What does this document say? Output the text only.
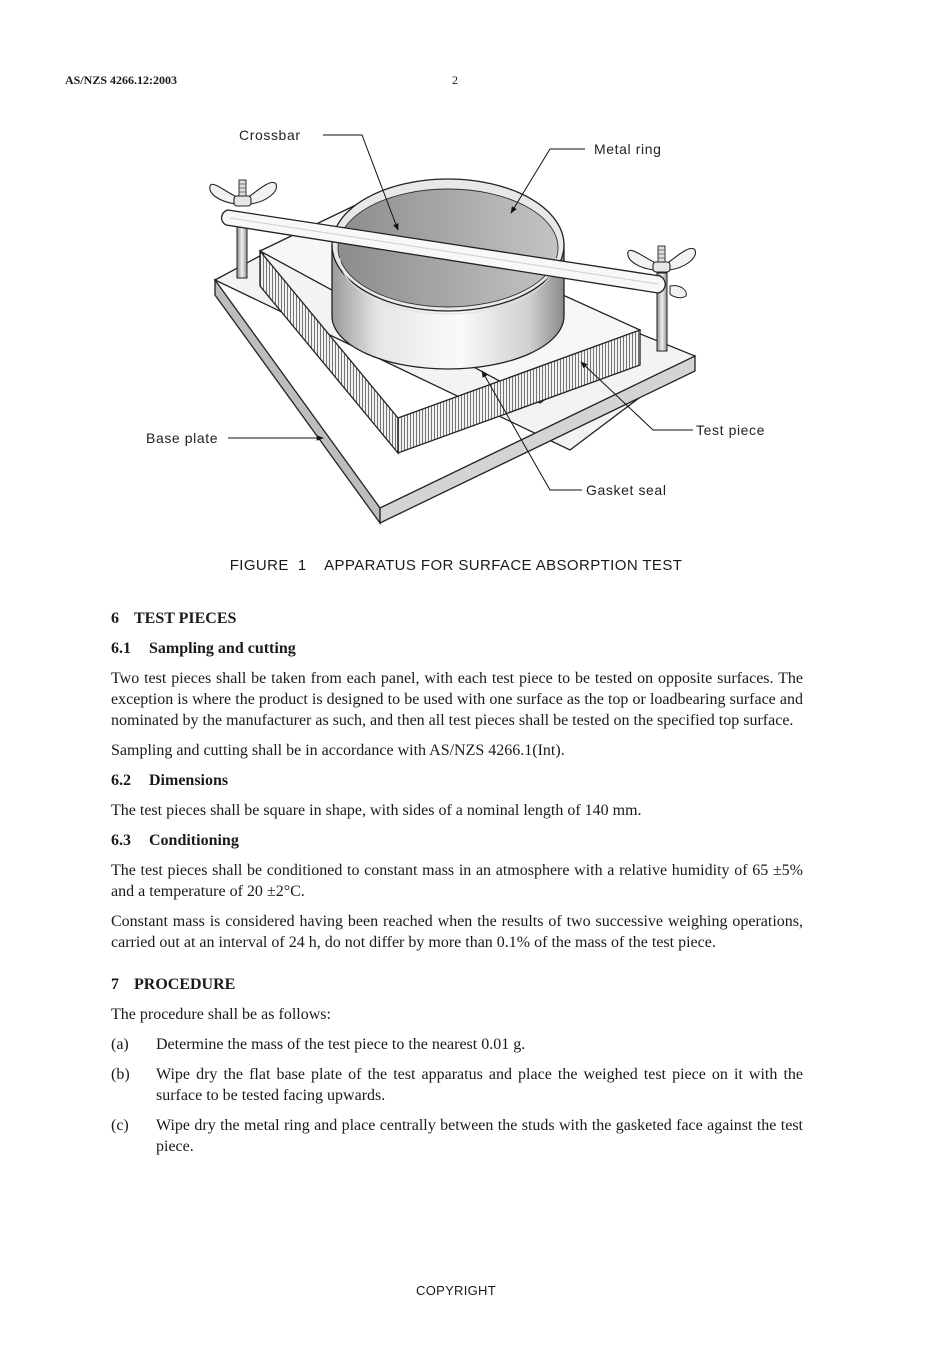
AS/NZS 4266.12:2003	2
Crossbar
Metal ring
Base plate	Test piece
Gasket seal
FIGURE  1    APPARATUS FOR SURFACE ABSORPTION TEST
6 TEST PIECES
6.1 Sampling and cutting

Two test pieces shall be taken from each panel, with each test piece to be tested on opposite surfaces. The exception is where the product is designed to be used with one surface as the top or loadbearing surface and nominated by the manufacturer as such, and then all test pieces shall be tested on the specified top surface.

Sampling and cutting shall be in accordance with AS/NZS 4266.1(Int).

6.2 Dimensions

The test pieces shall be square in shape, with sides of a nominal length of 140 mm.

6.3 Conditioning

The test pieces shall be conditioned to constant mass in an atmosphere with a relative humidity of 65 ±5% and a temperature of 20 ±2°C.

Constant mass is considered having been reached when the results of two successive weighing operations, carried out at an interval of 24 h, do not differ by more than 0.1% of the mass of the test piece.

7 PROCEDURE

The procedure shall be as follows:

(a)	Determine the mass of the test piece to the nearest 0.01 g.
(b)	Wipe dry the flat base plate of the test apparatus and place the weighed test piece on it with the surface to be tested facing upwards.
(c)	Wipe dry the metal ring and place centrally between the studs with the gasketed face against the test piece.
COPYRIGHT
